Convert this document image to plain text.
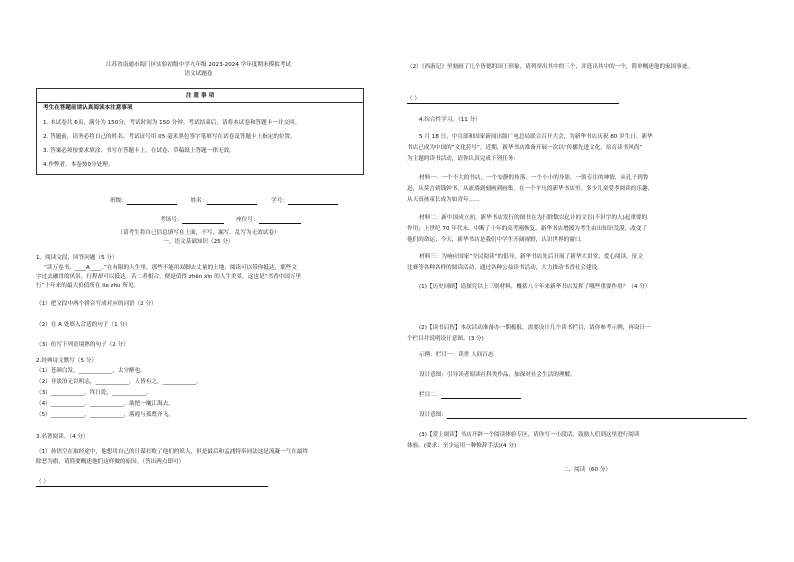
江苏省南通市海门区实验初级中学九年级 2023-2024 学年度期末模拟考试
语文试题卷
注 意 事 项
考生在答题前请认真阅读本注意事项
1. 本试卷共 6页，满分为 150分，考试时间为 150 分钟。考试结束后，请将本试卷和答题卡一并交回。
2. 答题前，请务必将自己的姓名、考试证号用 05 毫米黑色签字笔填写在试卷及答题卡上指定的位置。
3. 答案必须按要求填涂、书写在答题卡上，在试卷、草稿纸上答题一律无效。
4.作弊者，本卷按0分处理。
班级：	姓名：	学号：
考场号：	座位号：
（请考生将自己信息填写在上面，不写、漏写、乱写为无效试卷）
一、语文基础知识（25 分）
1．阅读文段，回答问题（5 分）
“读万卷书，____A____。”在有限的人生里，那些不能用双脚去丈量的土地，阅读可以带你抵达，那些文
字过去融贯的风景，行程却可以抵达。若二者相合，便是值得 zhēn xīn 的人生美景。这也是“书香中国万里
行”十年来的最大价值所在 lie zhu 所见。
（1）把文段中两个拼音写成对应的词语（2 分）
（2）在 A 处填入合适的句子（1 分）
（3）仿写下列语境熟的句子（2 分）
2.经典诗文默写（5 分）
（1）苍颜白发，____________，太守醉也。
（2）非淡泊无以明志，____________，人皆有之，____________。
（3）____________，终日乾，____________。
（4）____________，____________。欲把一麾江海去。
（5）____________，____________，落霞与孤鹜齐飞。
3.名著阅读。（4 分）
（1）孙悟空在取经途中，他想用自己的计谋打败了他们的妖人，但是最后和孟浦特奉同法这是流凝一气在最终
除恶为旗，请简要概述他们这样做的原因。（答出两点即可）
（ ）
（2）《西游记》里刻画了几个皆德的国王形象，请列举出其中的三个，并选出其中的一个，简单概述他的家国事迹。
（ ）
4.综合性学习。（11 分）
5 月 18 日，中宣部和国家新闻出版广电总局联合召开大会，为新华书店庆祝 80 岁生日。新华
书店已成为中国的“文化符号”。近期，新华书店准备开展一次以“传播先进文化，培育读书风尚”
为主题的读书活动，请你认真完成下列任务：
材料一：一个不大的书店，一个安静的角落，一个小小的身影，一脸专注的神情，从孔子到鲁
迅，从莫言到钱钟书，从流淌到刻画到画集，在一个平凡的新华书店里。多少儿童爱孝阅读的乐趣,
从天真孩童长成为如青年……
材料二：新中国成立初，新华书店发行的图书在为扫除数以亿计的文盲(不识字的人)起重要的
作用；上世纪 70 年代末，中断了十年的高考刚恢复，新华书店增援为考生由出知识荒漠，改变了
他们的命运；今天，新华书店是我们中学生开阔视野，认识世界的窗口。
材料三：为响应国家“全民阅读”的倡导，新华书店先后开展了新华大讲堂、爱心阅读、征文
比赛等各种各样的阅读活动，通过各种公益读书活动，大力推动书香社会建设。
(1)【历史回顾】请探究以上三则材料，概括八十年来新华书店发挥了哪些重要作用？（4 分）
(2)【读书启智】本次活动准备办一期板报，需要设计几个读书栏目，请你参考示例，再设计一
个栏目并说明设计意图。(3 分)
示例：栏目一：读世 人间百态
设计意图：引导读者阅读社科类作品，加深对社会生活的理解。
栏目二：
设计意图：
(3)【爱上阅读】书店开辟一个阅读体验专区，请你写一小段话，鼓励人们到这里进行阅读
体验。(要求：至少运用一种修辞手法)(4 分)
二、阅读（60 分）
